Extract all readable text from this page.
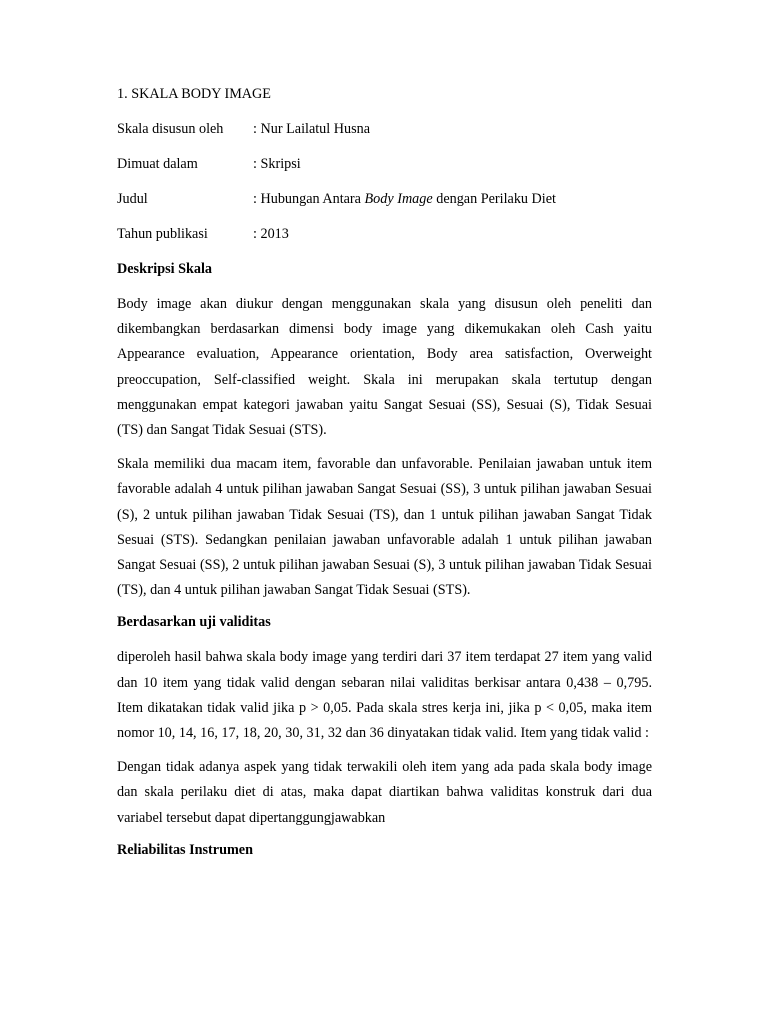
1. SKALA BODY IMAGE
Skala disusun oleh	: Nur Lailatul Husna
Dimuat dalam	: Skripsi
Judul	: Hubungan Antara Body Image dengan Perilaku Diet
Tahun publikasi	: 2013
Deskripsi Skala

Body image akan diukur dengan menggunakan skala yang disusun oleh peneliti dan dikembangkan berdasarkan dimensi body image yang dikemukakan oleh Cash yaitu Appearance evaluation, Appearance orientation, Body area satisfaction, Overweight preoccupation, Self-classified weight. Skala ini merupakan skala tertutup dengan menggunakan empat kategori jawaban yaitu Sangat Sesuai (SS), Sesuai (S), Tidak Sesuai (TS) dan Sangat Tidak Sesuai (STS).

Skala memiliki dua macam item, favorable dan unfavorable. Penilaian jawaban untuk item favorable adalah 4 untuk pilihan jawaban Sangat Sesuai (SS), 3 untuk pilihan jawaban Sesuai (S), 2 untuk pilihan jawaban Tidak Sesuai (TS), dan 1 untuk pilihan jawaban Sangat Tidak Sesuai (STS). Sedangkan penilaian jawaban unfavorable adalah 1 untuk pilihan jawaban Sangat Sesuai (SS), 2 untuk pilihan jawaban Sesuai (S), 3 untuk pilihan jawaban Tidak Sesuai (TS), dan 4 untuk pilihan jawaban Sangat Tidak Sesuai (STS).

Berdasarkan uji validitas

diperoleh hasil bahwa skala body image yang terdiri dari 37 item terdapat 27 item yang valid dan 10 item yang tidak valid dengan sebaran nilai validitas berkisar antara 0,438 – 0,795. Item dikatakan tidak valid jika p > 0,05. Pada skala stres kerja ini, jika p < 0,05, maka item nomor 10, 14, 16, 17, 18, 20, 30, 31, 32 dan 36 dinyatakan tidak valid. Item yang tidak valid :

Dengan tidak adanya aspek yang tidak terwakili oleh item yang ada pada skala body image dan skala perilaku diet di atas, maka dapat diartikan bahwa validitas konstruk dari dua variabel tersebut dapat dipertanggungjawabkan

Reliabilitas Instrumen
